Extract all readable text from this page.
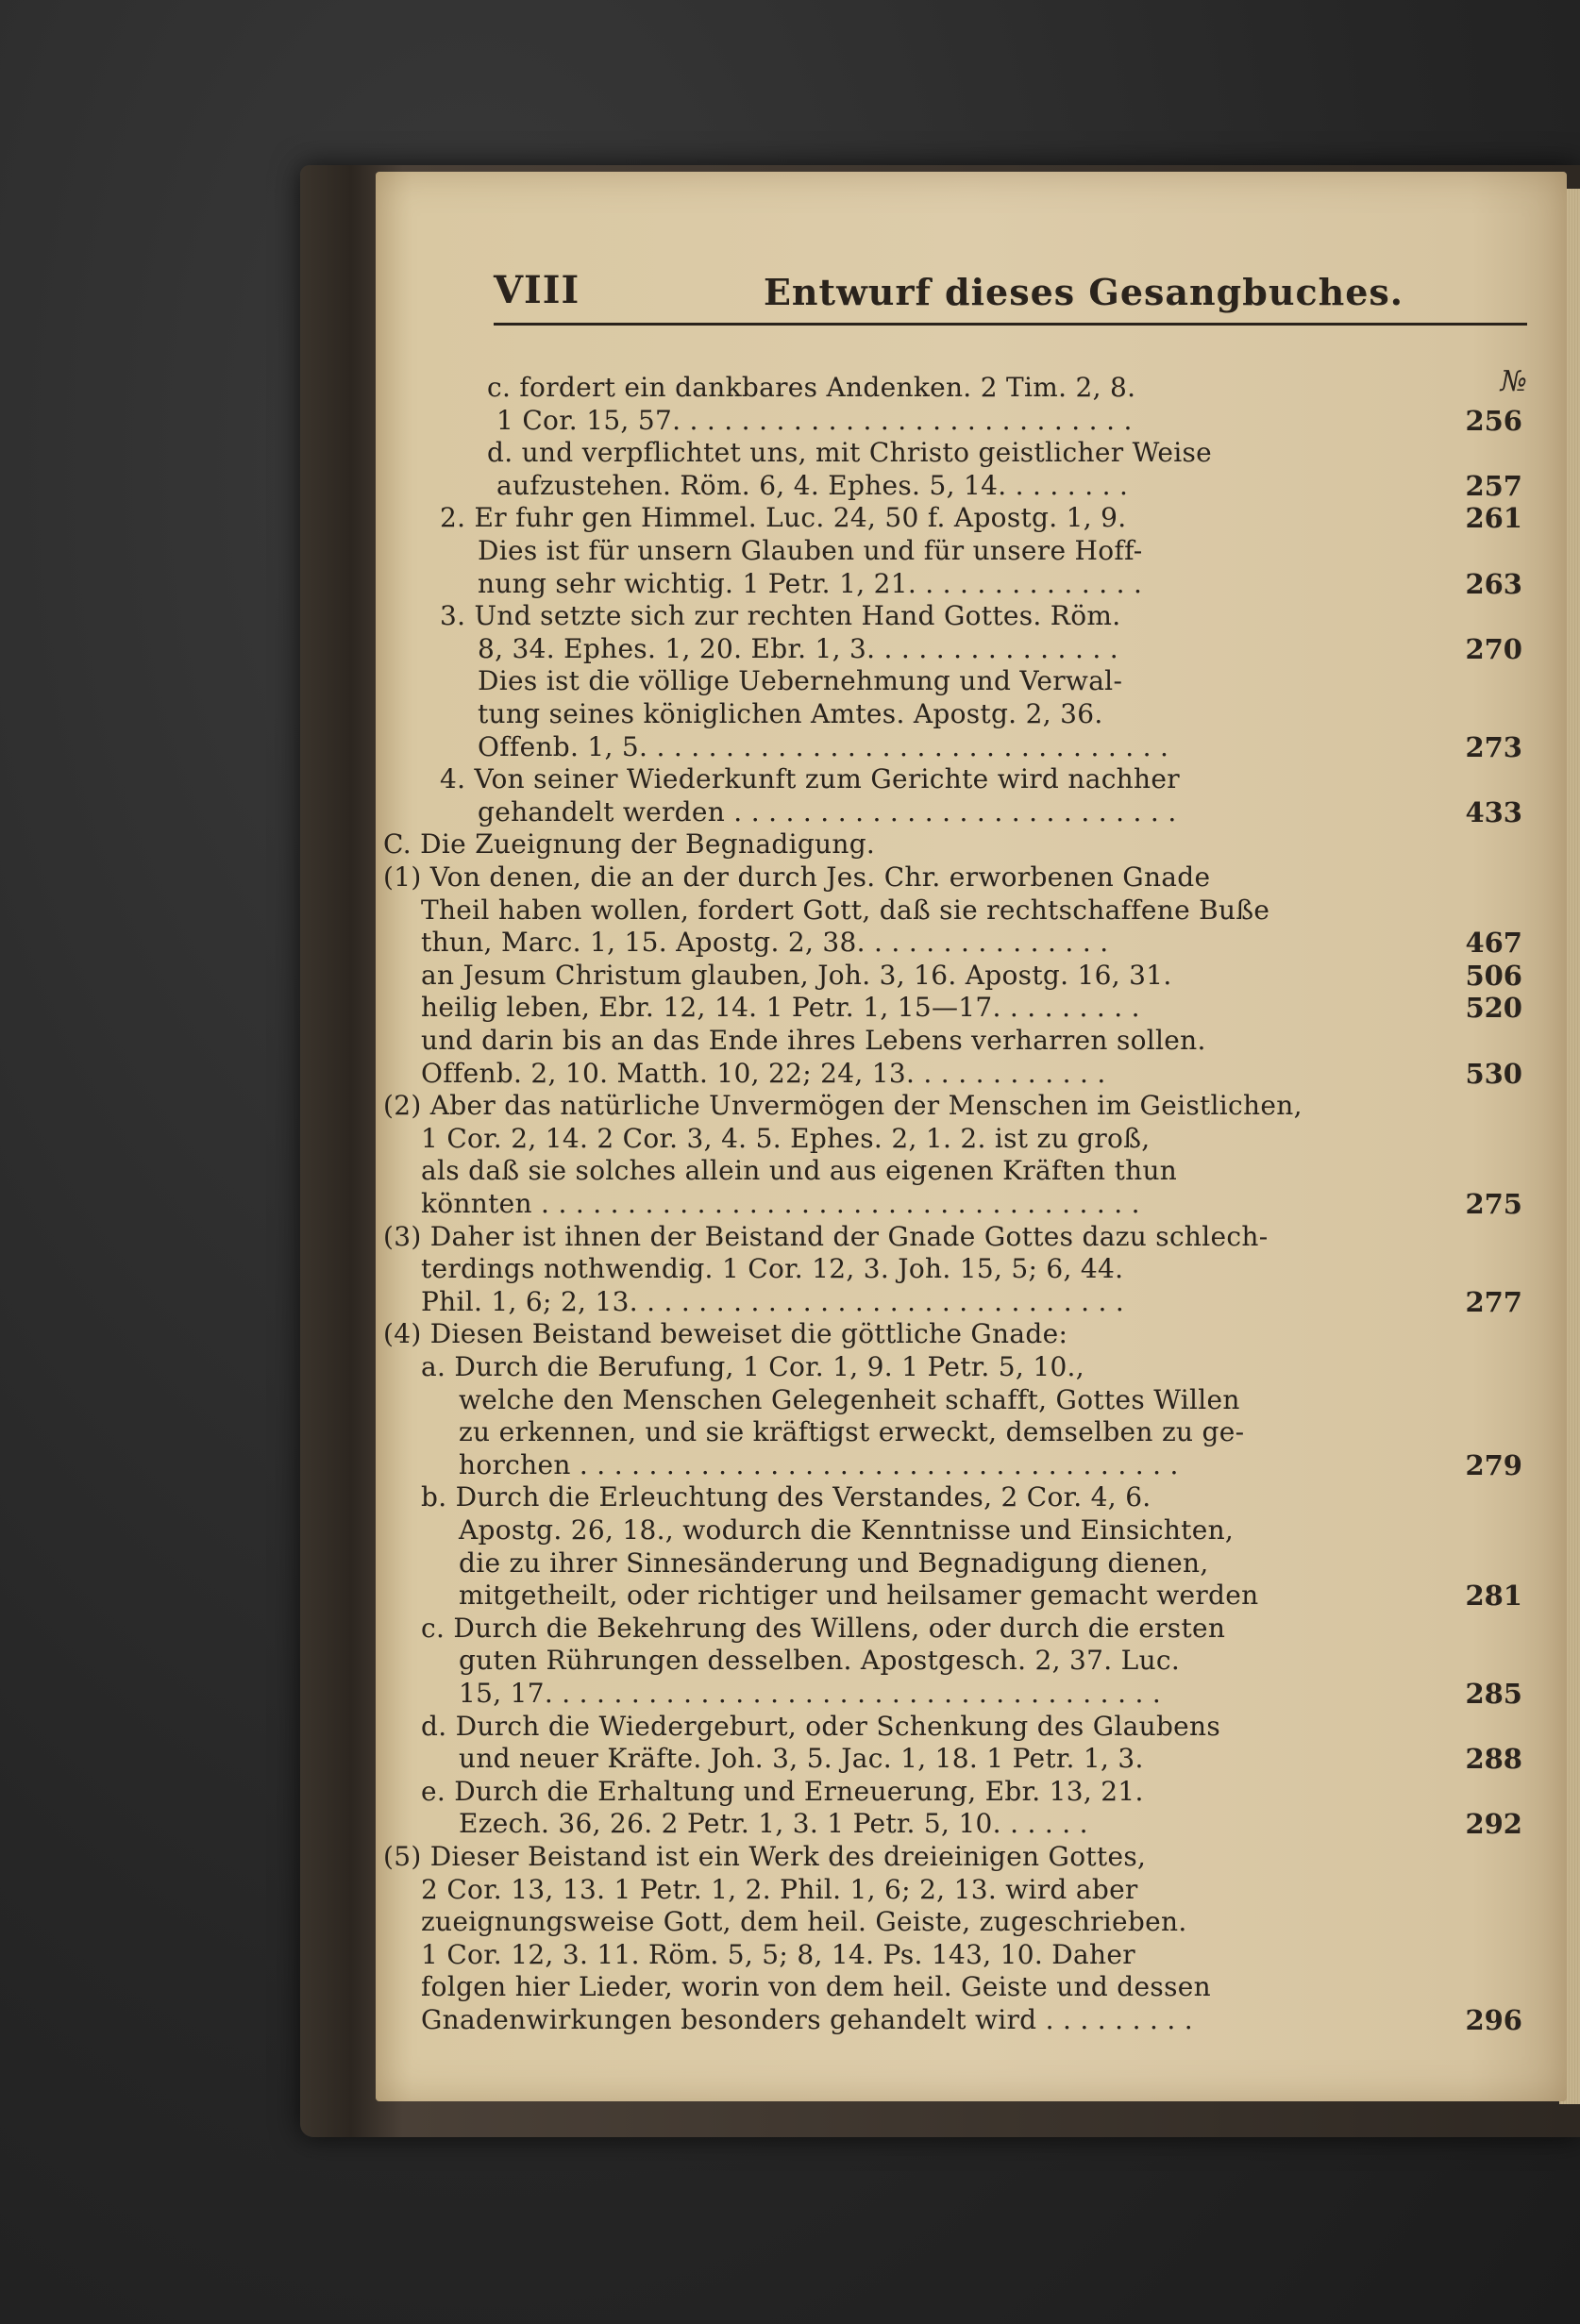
VIII	Entwurf dieses Gesangbuches.
№
c. fordert ein dankbares Andenken. 2 Tim. 2, 8.
1 Cor. 15, 57. . . . . . . . . . . . . . . . . . . . . . . . . . .	256
d. und verpflichtet uns, mit Christo geistlicher Weise
aufzustehen. Röm. 6, 4. Ephes. 5, 14. . . . . . . .	257
2. Er fuhr gen Himmel. Luc. 24, 50 f. Apostg. 1, 9.	261
Dies ist für unsern Glauben und für unsere Hoff-
nung sehr wichtig. 1 Petr. 1, 21. . . . . . . . . . . . . .	263
3. Und setzte sich zur rechten Hand Gottes. Röm.
8, 34. Ephes. 1, 20. Ebr. 1, 3. . . . . . . . . . . . . . .	270
Dies ist die völlige Uebernehmung und Verwal-
tung seines königlichen Amtes. Apostg. 2, 36.
Offenb. 1, 5. . . . . . . . . . . . . . . . . . . . . . . . . . . . . . .	273
4. Von seiner Wiederkunft zum Gerichte wird nachher
gehandelt werden . . . . . . . . . . . . . . . . . . . . . . . . . .	433
C. Die Zueignung der Begnadigung.
(1) Von denen, die an der durch Jes. Chr. erworbenen Gnade
Theil haben wollen, fordert Gott, daß sie rechtschaffene Buße
thun, Marc. 1, 15. Apostg. 2, 38. . . . . . . . . . . . . . .	467
an Jesum Christum glauben, Joh. 3, 16. Apostg. 16, 31.	506
heilig leben, Ebr. 12, 14. 1 Petr. 1, 15—17. . . . . . . . .	520
und darin bis an das Ende ihres Lebens verharren sollen.
Offenb. 2, 10. Matth. 10, 22; 24, 13. . . . . . . . . . . .	530
(2) Aber das natürliche Unvermögen der Menschen im Geistlichen,
1 Cor. 2, 14. 2 Cor. 3, 4. 5. Ephes. 2, 1. 2. ist zu groß,
als daß sie solches allein und aus eigenen Kräften thun
könnten . . . . . . . . . . . . . . . . . . . . . . . . . . . . . . . . . . .	275
(3) Daher ist ihnen der Beistand der Gnade Gottes dazu schlech-
terdings nothwendig. 1 Cor. 12, 3. Joh. 15, 5; 6, 44.
Phil. 1, 6; 2, 13. . . . . . . . . . . . . . . . . . . . . . . . . . . . .	277
(4) Diesen Beistand beweiset die göttliche Gnade:
a. Durch die Berufung, 1 Cor. 1, 9. 1 Petr. 5, 10.,
welche den Menschen Gelegenheit schafft, Gottes Willen
zu erkennen, und sie kräftigst erweckt, demselben zu ge-
horchen . . . . . . . . . . . . . . . . . . . . . . . . . . . . . . . . . . .	279
b. Durch die Erleuchtung des Verstandes, 2 Cor. 4, 6.
Apostg. 26, 18., wodurch die Kenntnisse und Einsichten,
die zu ihrer Sinnesänderung und Begnadigung dienen,
mitgetheilt, oder richtiger und heilsamer gemacht werden	281
c. Durch die Bekehrung des Willens, oder durch die ersten
guten Rührungen desselben. Apostgesch. 2, 37. Luc.
15, 17. . . . . . . . . . . . . . . . . . . . . . . . . . . . . . . . . . . .	285
d. Durch die Wiedergeburt, oder Schenkung des Glaubens
und neuer Kräfte. Joh. 3, 5. Jac. 1, 18. 1 Petr. 1, 3.	288
e. Durch die Erhaltung und Erneuerung, Ebr. 13, 21.
Ezech. 36, 26. 2 Petr. 1, 3. 1 Petr. 5, 10. . . . . .	292
(5) Dieser Beistand ist ein Werk des dreieinigen Gottes,
2 Cor. 13, 13. 1 Petr. 1, 2. Phil. 1, 6; 2, 13. wird aber
zueignungsweise Gott, dem heil. Geiste, zugeschrieben.
1 Cor. 12, 3. 11. Röm. 5, 5; 8, 14. Ps. 143, 10. Daher
folgen hier Lieder, worin von dem heil. Geiste und dessen
Gnadenwirkungen besonders gehandelt wird . . . . . . . . .	296
